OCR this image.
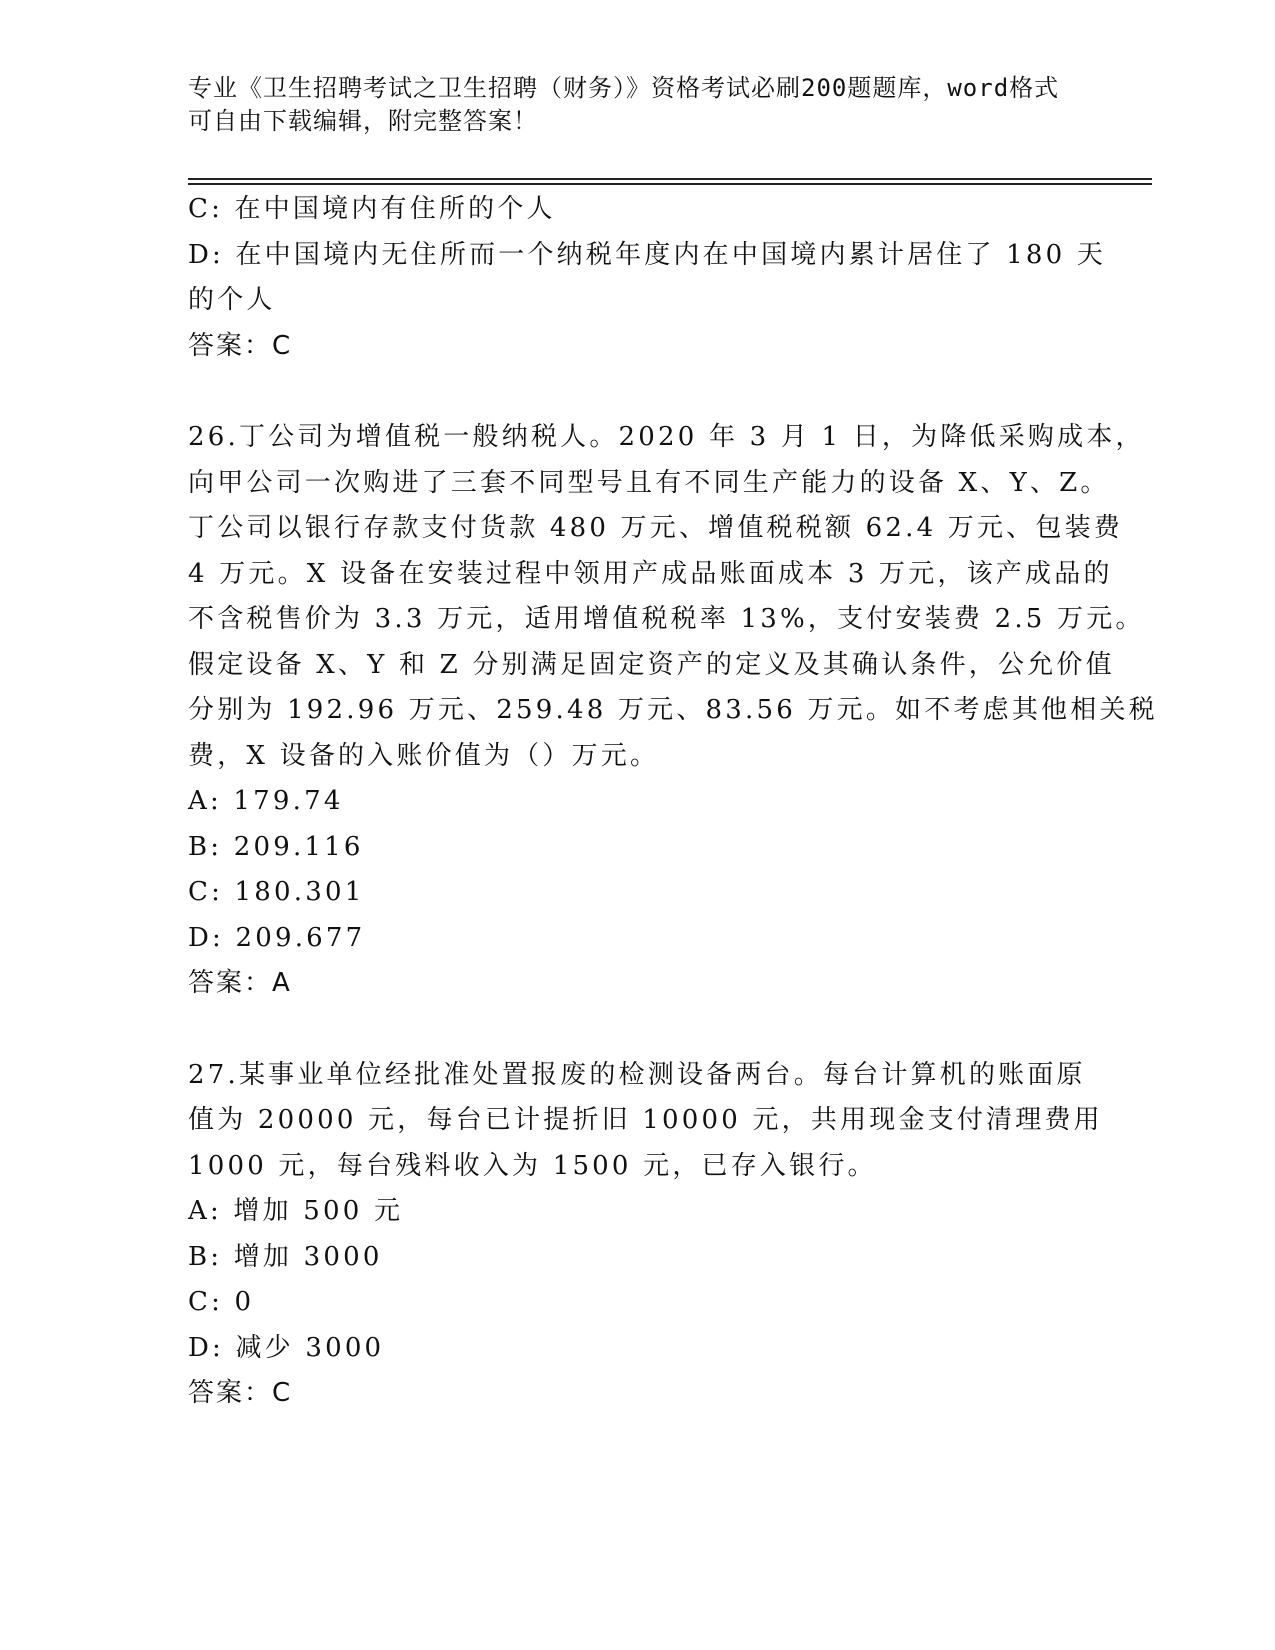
专业《卫生招聘考试之卫生招聘（财务）》资格考试必刷200题题库，word格式
可自由下载编辑，附完整答案！
C: 在中国境内有住所的个人
D: 在中国境内无住所而一个纳税年度内在中国境内累计居住了 180 天
的个人
答案：C
26.丁公司为增值税一般纳税人。2020 年 3 月 1 日，为降低采购成本，
向甲公司一次购进了三套不同型号且有不同生产能力的设备 X、Y、Z。
丁公司以银行存款支付货款 480 万元、增值税税额 62.4 万元、包装费
4 万元。X 设备在安装过程中领用产成品账面成本 3 万元，该产成品的
不含税售价为 3.3 万元，适用增值税税率 13%，支付安装费 2.5 万元。
假定设备 X、Y 和 Z 分别满足固定资产的定义及其确认条件，公允价值
分别为 192.96 万元、259.48 万元、83.56 万元。如不考虑其他相关税
费，X 设备的入账价值为（）万元。
A: 179.74
B: 209.116
C: 180.301
D: 209.677
答案：A
27.某事业单位经批准处置报废的检测设备两台。每台计算机的账面原
值为 20000 元，每台已计提折旧 10000 元，共用现金支付清理费用
1000 元，每台残料收入为 1500 元，已存入银行。
A: 增加 500 元
B: 增加 3000
C: 0
D: 减少 3000
答案：C
